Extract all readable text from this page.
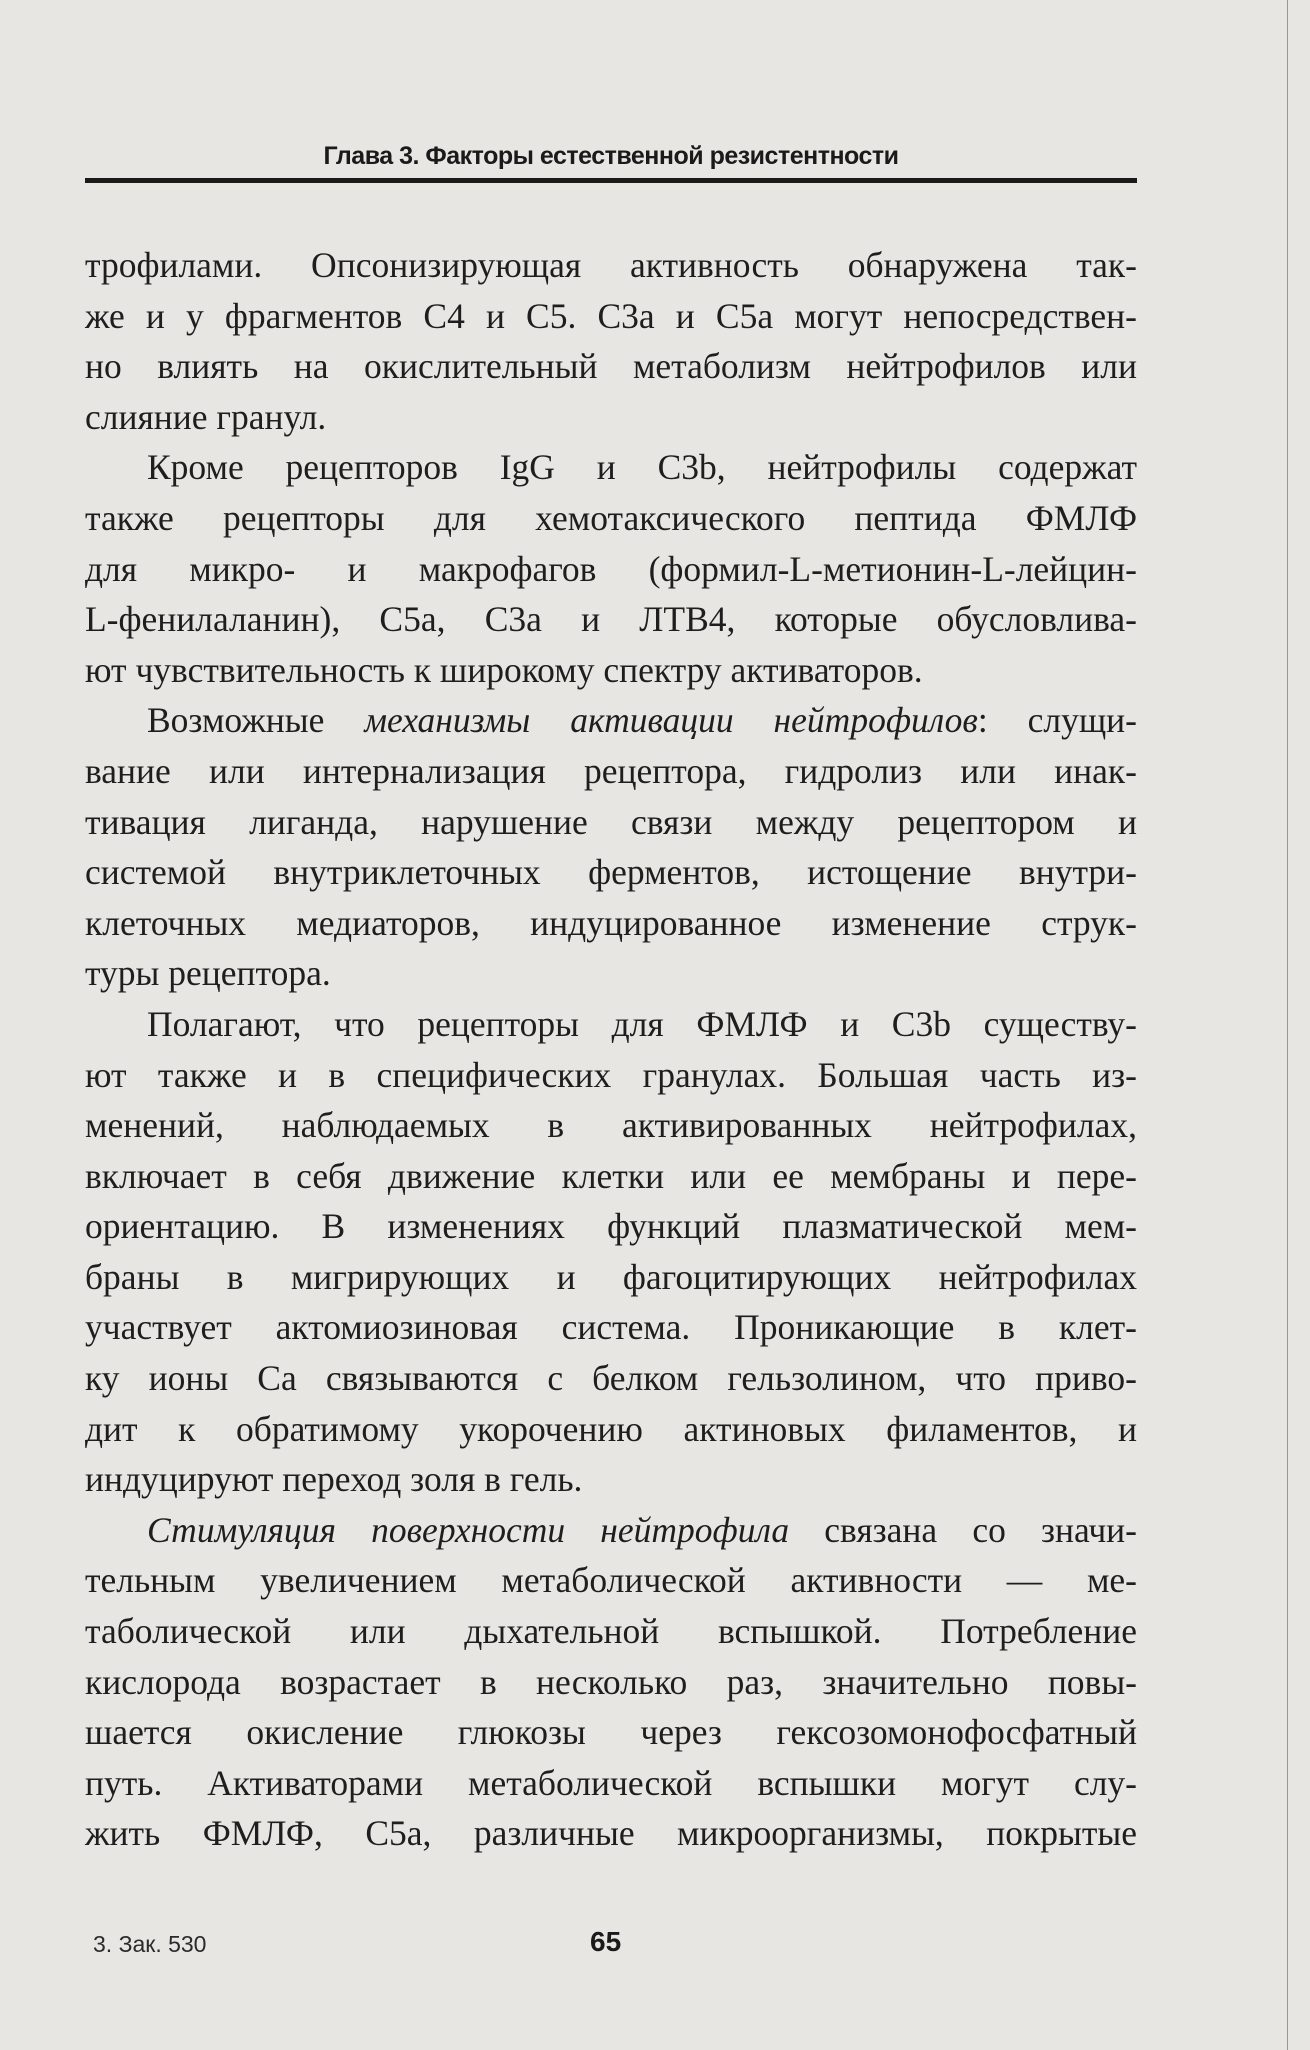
Глава 3. Факторы естественной резистентности

трофилами. Опсонизирующая активность обнаружена так-
же и у фрагментов С4 и С5. С3а и С5а могут непосредствен-
но влиять на окислительный метаболизм нейтрофилов или
слияние гранул.

Кроме рецепторов IgG и С3b, нейтрофилы содержат
также рецепторы для хемотаксического пептида ФМЛФ
для микро- и макрофагов (формил-L-метионин-L-лейцин-
L-фенилаланин), С5а, С3а и ЛТВ4, которые обусловлива-
ют чувствительность к широкому спектру активаторов.

Возможные механизмы активации нейтрофилов: слущи-
вание или интернализация рецептора, гидролиз или инак-
тивация лиганда, нарушение связи между рецептором и
системой внутриклеточных ферментов, истощение внутри-
клеточных медиаторов, индуцированное изменение струк-
туры рецептора.

Полагают, что рецепторы для ФМЛФ и С3b существу-
ют также и в специфических гранулах. Большая часть из-
менений, наблюдаемых в активированных нейтрофилах,
включает в себя движение клетки или ее мембраны и пере-
ориентацию. В изменениях функций плазматической мем-
браны в мигрирующих и фагоцитирующих нейтрофилах
участвует актомиозиновая система. Проникающие в клет-
ку ионы Са связываются с белком гельзолином, что приво-
дит к обратимому укорочению актиновых филаментов, и
индуцируют переход золя в гель.

Стимуляция поверхности нейтрофила связана со значи-
тельным увеличением метаболической активности — ме-
таболической или дыхательной вспышкой. Потребление
кислорода возрастает в несколько раз, значительно повы-
шается окисление глюкозы через гексозомонофосфатный
путь. Активаторами метаболической вспышки могут слу-
жить ФМЛФ, С5а, различные микроорганизмы, покрытые

3. Зак. 530	65
